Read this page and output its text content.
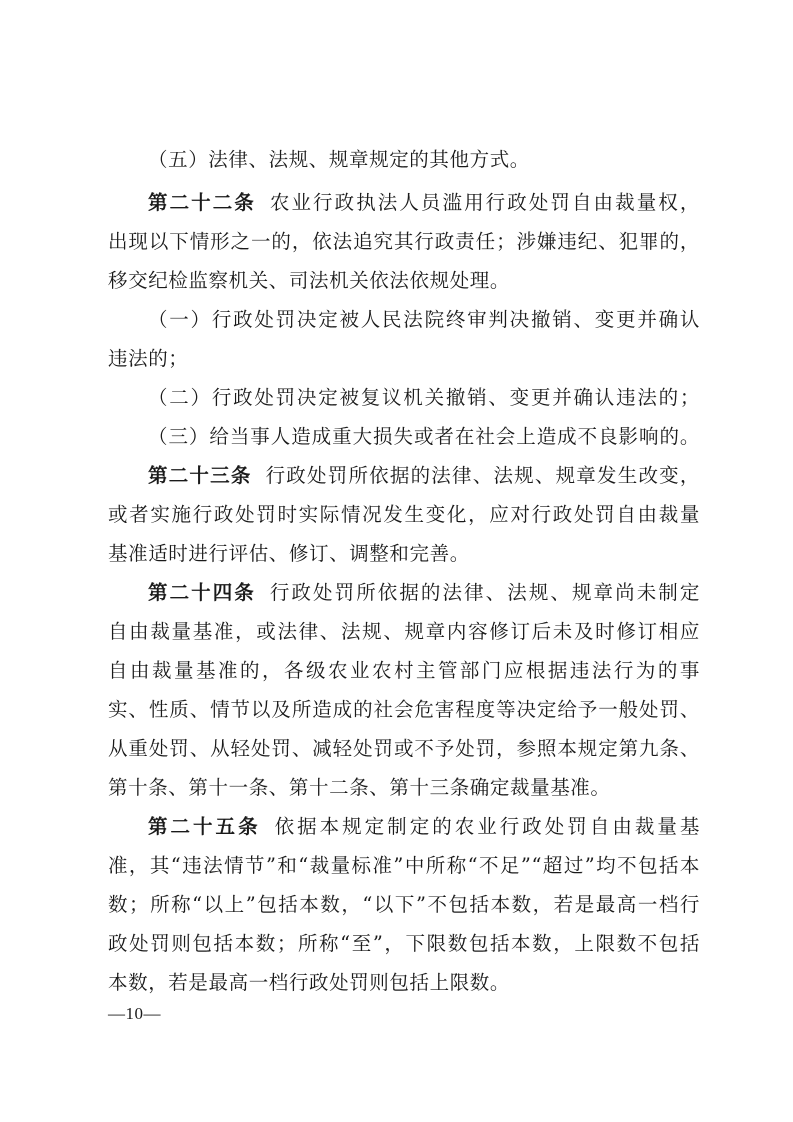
（五）法律、法规、规章规定的其他方式。
第二十二条 农业行政执法人员滥用行政处罚自由裁量权，
出现以下情形之一的，依法追究其行政责任；涉嫌违纪、犯罪的，
移交纪检监察机关、司法机关依法依规处理。
（一）行政处罚决定被人民法院终审判决撤销、变更并确认
违法的；
（二）行政处罚决定被复议机关撤销、变更并确认违法的；
（三）给当事人造成重大损失或者在社会上造成不良影响的。
第二十三条 行政处罚所依据的法律、法规、规章发生改变，
或者实施行政处罚时实际情况发生变化，应对行政处罚自由裁量
基准适时进行评估、修订、调整和完善。
第二十四条 行政处罚所依据的法律、法规、规章尚未制定
自由裁量基准，或法律、法规、规章内容修订后未及时修订相应
自由裁量基准的，各级农业农村主管部门应根据违法行为的事
实、性质、情节以及所造成的社会危害程度等决定给予一般处罚、
从重处罚、从轻处罚、减轻处罚或不予处罚，参照本规定第九条、
第十条、第十一条、第十二条、第十三条确定裁量基准。
第二十五条 依据本规定制定的农业行政处罚自由裁量基
准，其“违法情节”和“裁量标准”中所称“不足”“超过”均不包括本
数；所称“以上”包括本数，“以下”不包括本数，若是最高一档行
政处罚则包括本数；所称“至”，下限数包括本数，上限数不包括
本数，若是最高一档行政处罚则包括上限数。
—10—
